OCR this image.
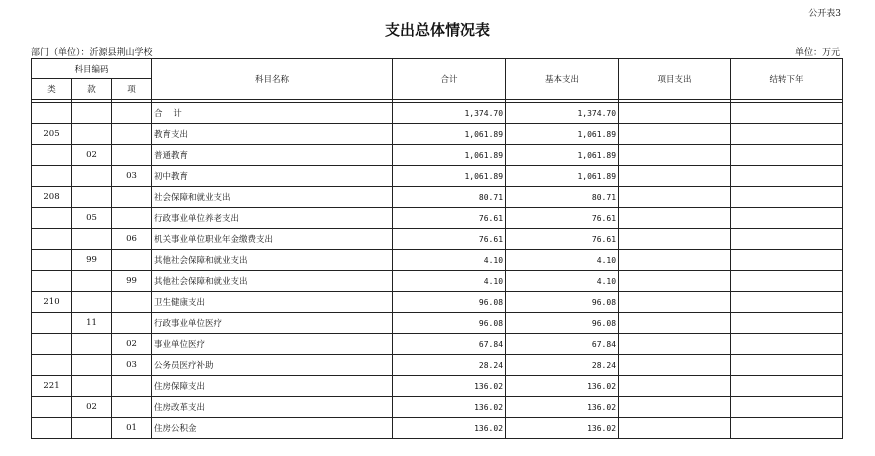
公开表3
支出总体情况表
部门（单位）：沂源县荆山学校	单位：万元
科目编码			科目名称	合计	基本支出	项目支出	结转下年
类	款	项					

			合 计	1,374.70	1,374.70		
205			教育支出	1,061.89	1,061.89		
	02		普通教育	1,061.89	1,061.89		
		03	初中教育	1,061.89	1,061.89		
208			社会保障和就业支出	80.71	80.71		
	05		行政事业单位养老支出	76.61	76.61		
		06	机关事业单位职业年金缴费支出	76.61	76.61		
	99		其他社会保障和就业支出	4.10	4.10		
		99	其他社会保障和就业支出	4.10	4.10		
210			卫生健康支出	96.08	96.08		
	11		行政事业单位医疗	96.08	96.08		
		02	事业单位医疗	67.84	67.84		
		03	公务员医疗补助	28.24	28.24		
221			住房保障支出	136.02	136.02		
	02		住房改革支出	136.02	136.02		
		01	住房公积金	136.02	136.02		
